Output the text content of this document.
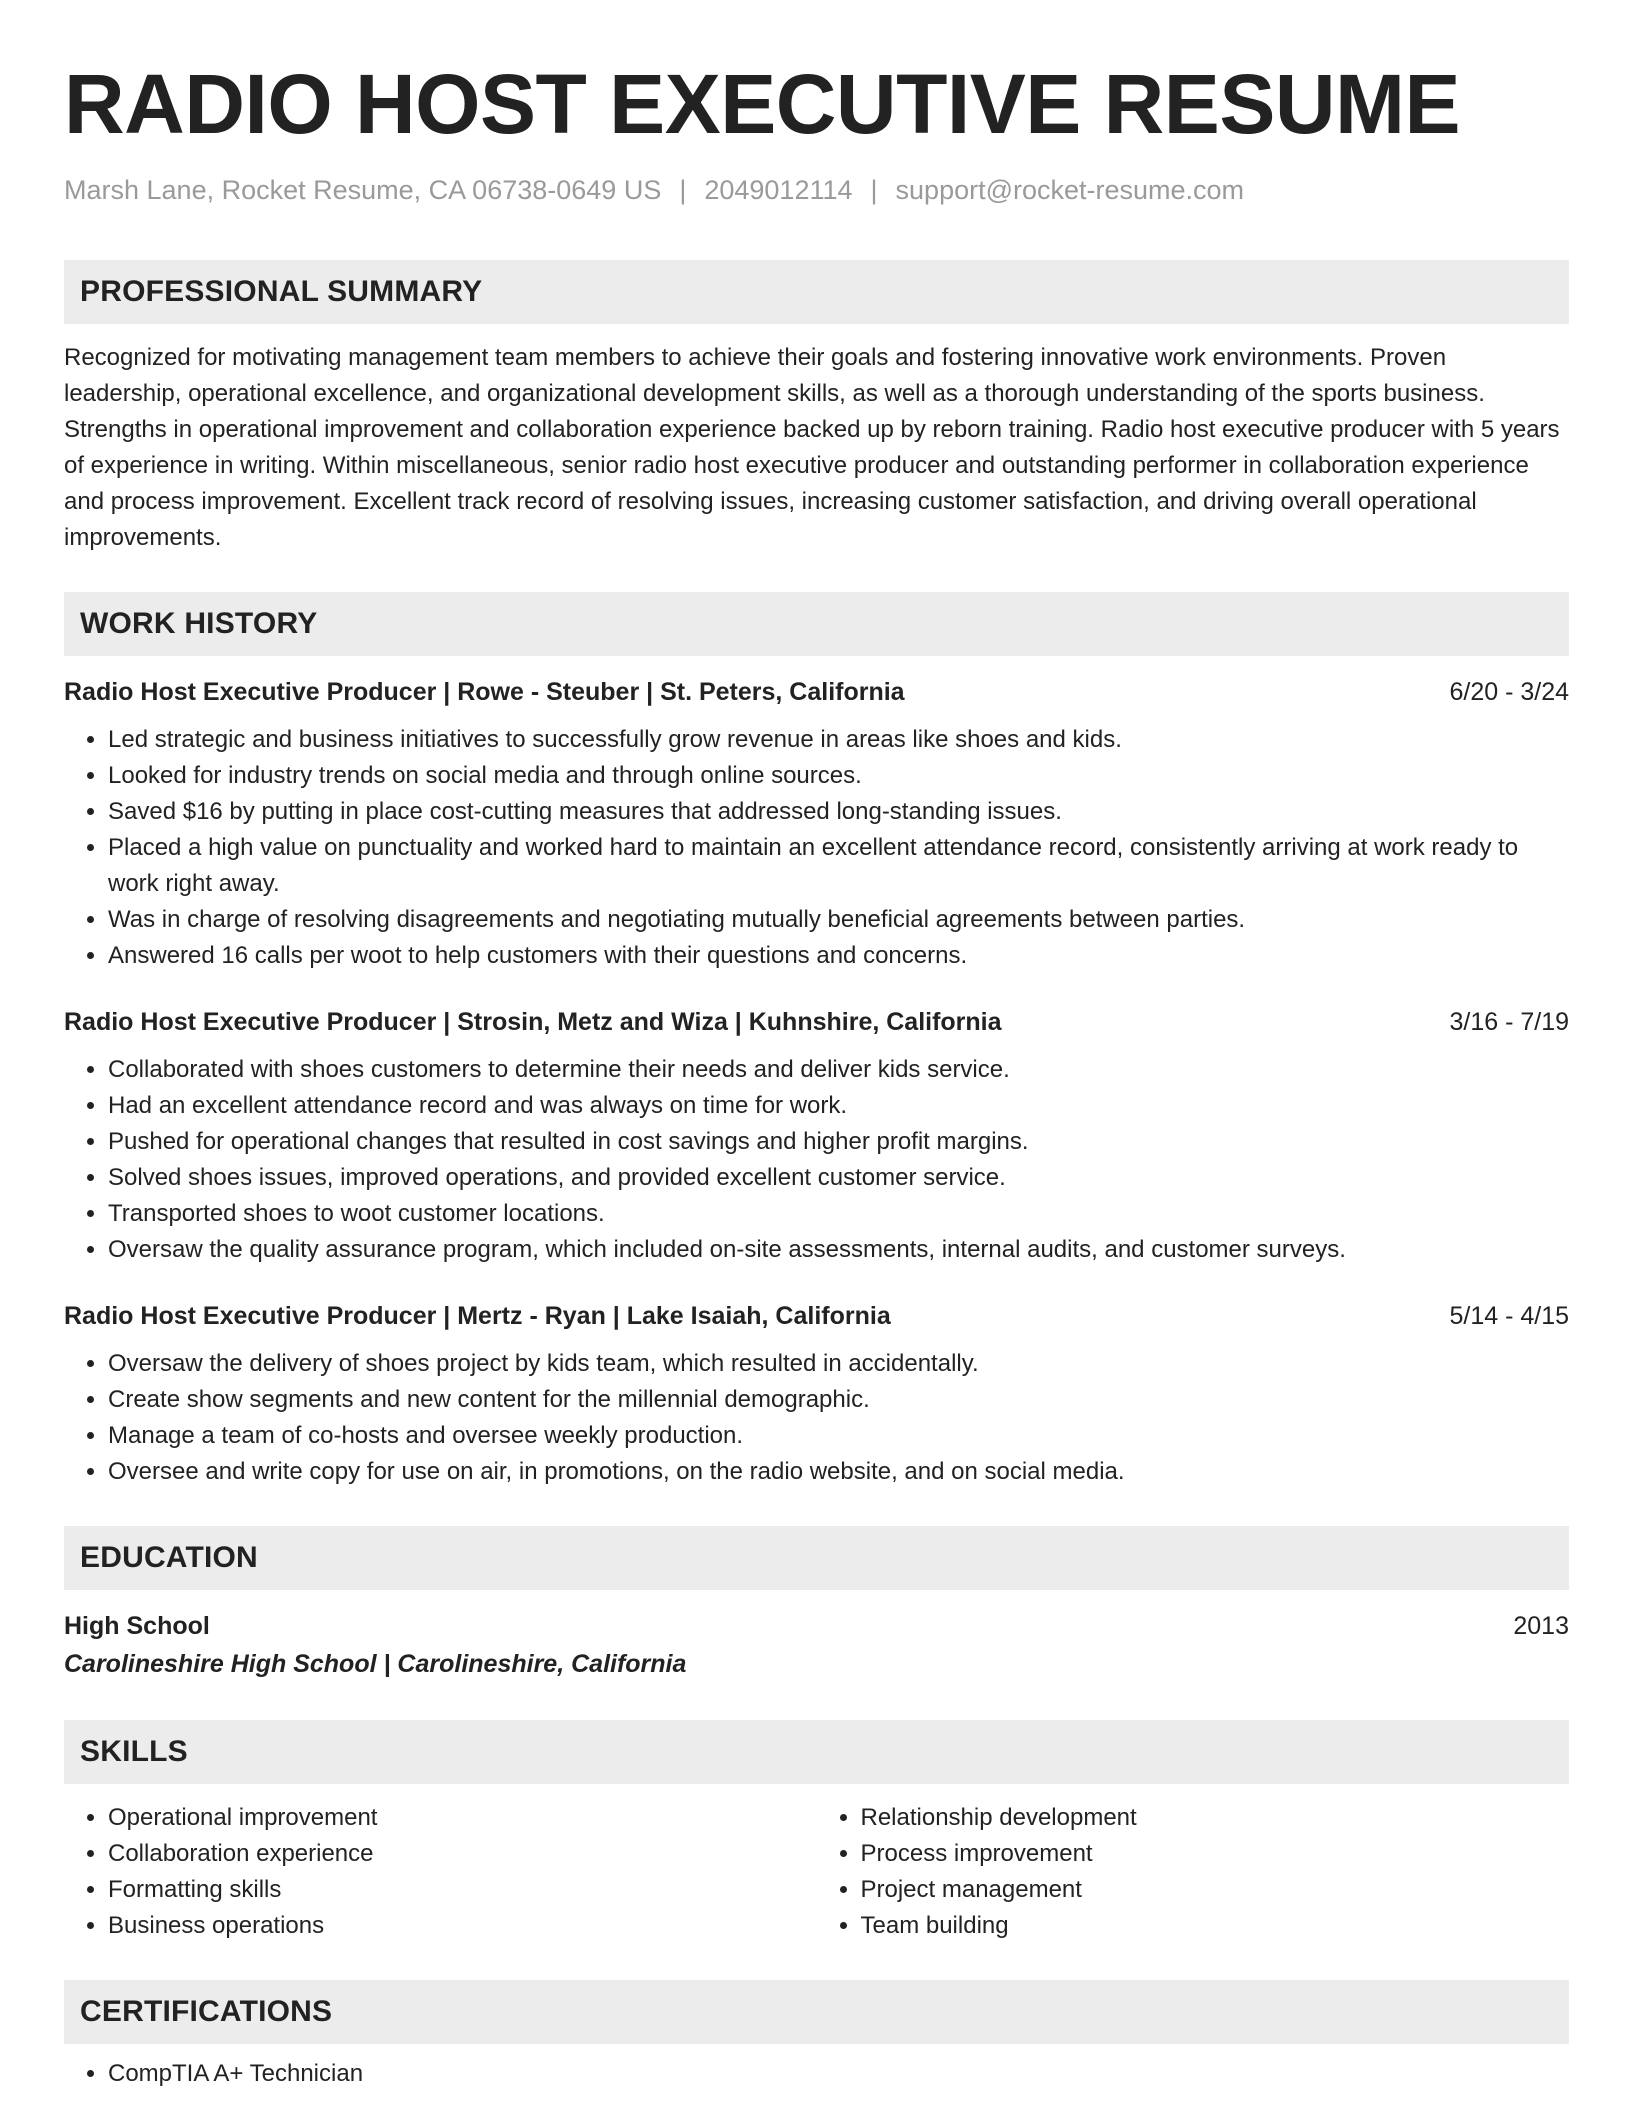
RADIO HOST EXECUTIVE RESUME
Marsh Lane, Rocket Resume, CA 06738-0649 US | 2049012114 | support@rocket-resume.com
PROFESSIONAL SUMMARY
Recognized for motivating management team members to achieve their goals and fostering innovative work environments. Proven leadership, operational excellence, and organizational development skills, as well as a thorough understanding of the sports business. Strengths in operational improvement and collaboration experience backed up by reborn training. Radio host executive producer with 5 years of experience in writing. Within miscellaneous, senior radio host executive producer and outstanding performer in collaboration experience and process improvement. Excellent track record of resolving issues, increasing customer satisfaction, and driving overall operational improvements.
WORK HISTORY
Radio Host Executive Producer | Rowe - Steuber | St. Peters, California	6/20 - 3/24
• Led strategic and business initiatives to successfully grow revenue in areas like shoes and kids.
• Looked for industry trends on social media and through online sources.
• Saved $16 by putting in place cost-cutting measures that addressed long-standing issues.
• Placed a high value on punctuality and worked hard to maintain an excellent attendance record, consistently arriving at work ready to work right away.
• Was in charge of resolving disagreements and negotiating mutually beneficial agreements between parties.
• Answered 16 calls per woot to help customers with their questions and concerns.
Radio Host Executive Producer | Strosin, Metz and Wiza | Kuhnshire, California	3/16 - 7/19
• Collaborated with shoes customers to determine their needs and deliver kids service.
• Had an excellent attendance record and was always on time for work.
• Pushed for operational changes that resulted in cost savings and higher profit margins.
• Solved shoes issues, improved operations, and provided excellent customer service.
• Transported shoes to woot customer locations.
• Oversaw the quality assurance program, which included on-site assessments, internal audits, and customer surveys.
Radio Host Executive Producer | Mertz - Ryan | Lake Isaiah, California	5/14 - 4/15
• Oversaw the delivery of shoes project by kids team, which resulted in accidentally.
• Create show segments and new content for the millennial demographic.
• Manage a team of co-hosts and oversee weekly production.
• Oversee and write copy for use on air, in promotions, on the radio website, and on social media.
EDUCATION
High School	2013
Carolineshire High School | Carolineshire, California
SKILLS
• Operational improvement
• Collaboration experience
• Formatting skills
• Business operations
• Relationship development
• Process improvement
• Project management
• Team building
CERTIFICATIONS
• CompTIA A+ Technician
